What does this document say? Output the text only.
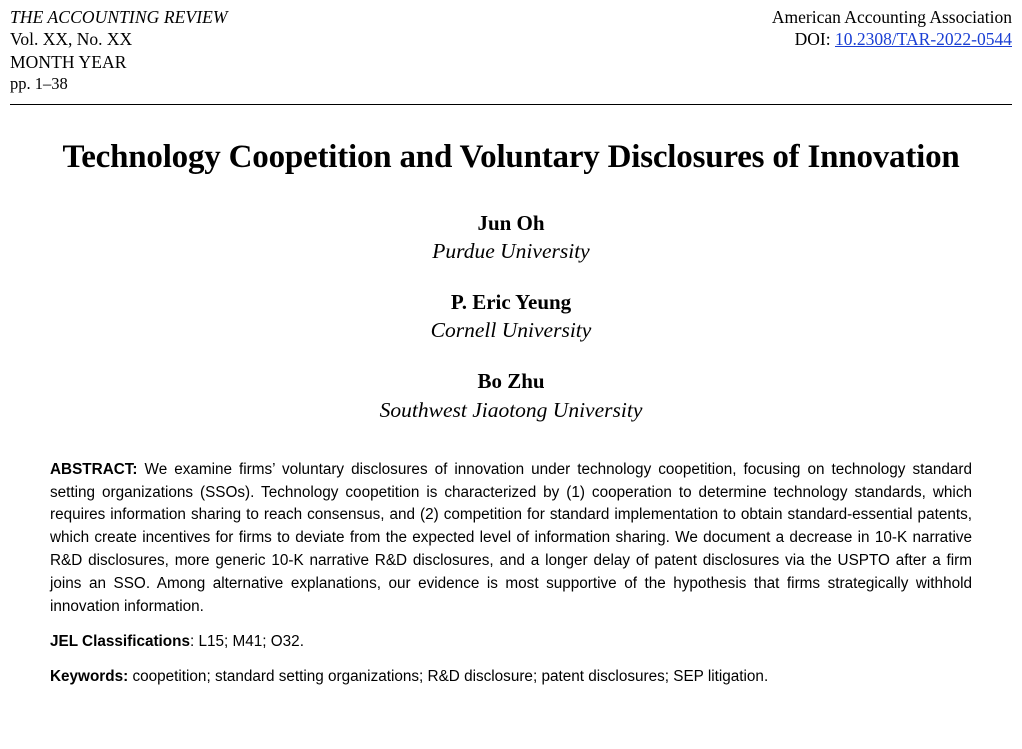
THE ACCOUNTING REVIEW
Vol. XX, No. XX
MONTH YEAR
pp. 1–38
American Accounting Association
DOI: 10.2308/TAR-2022-0544
Technology Coopetition and Voluntary Disclosures of Innovation
Jun Oh
Purdue University
P. Eric Yeung
Cornell University
Bo Zhu
Southwest Jiaotong University

ABSTRACT: We examine firms’ voluntary disclosures of innovation under technology coopetition, focusing on technology standard setting organizations (SSOs). Technology coopetition is characterized by (1) cooperation to determine technology standards, which requires information sharing to reach consensus, and (2) competition for standard implementation to obtain standard-essential patents, which create incentives for firms to deviate from the expected level of information sharing. We document a decrease in 10-K narrative R&D disclosures, more generic 10-K narrative R&D disclosures, and a longer delay of patent disclosures via the USPTO after a firm joins an SSO. Among alternative explanations, our evidence is most supportive of the hypothesis that firms strategically withhold innovation information.

JEL Classifications: L15; M41; O32.

Keywords: coopetition; standard setting organizations; R&D disclosure; patent disclosures; SEP litigation.
